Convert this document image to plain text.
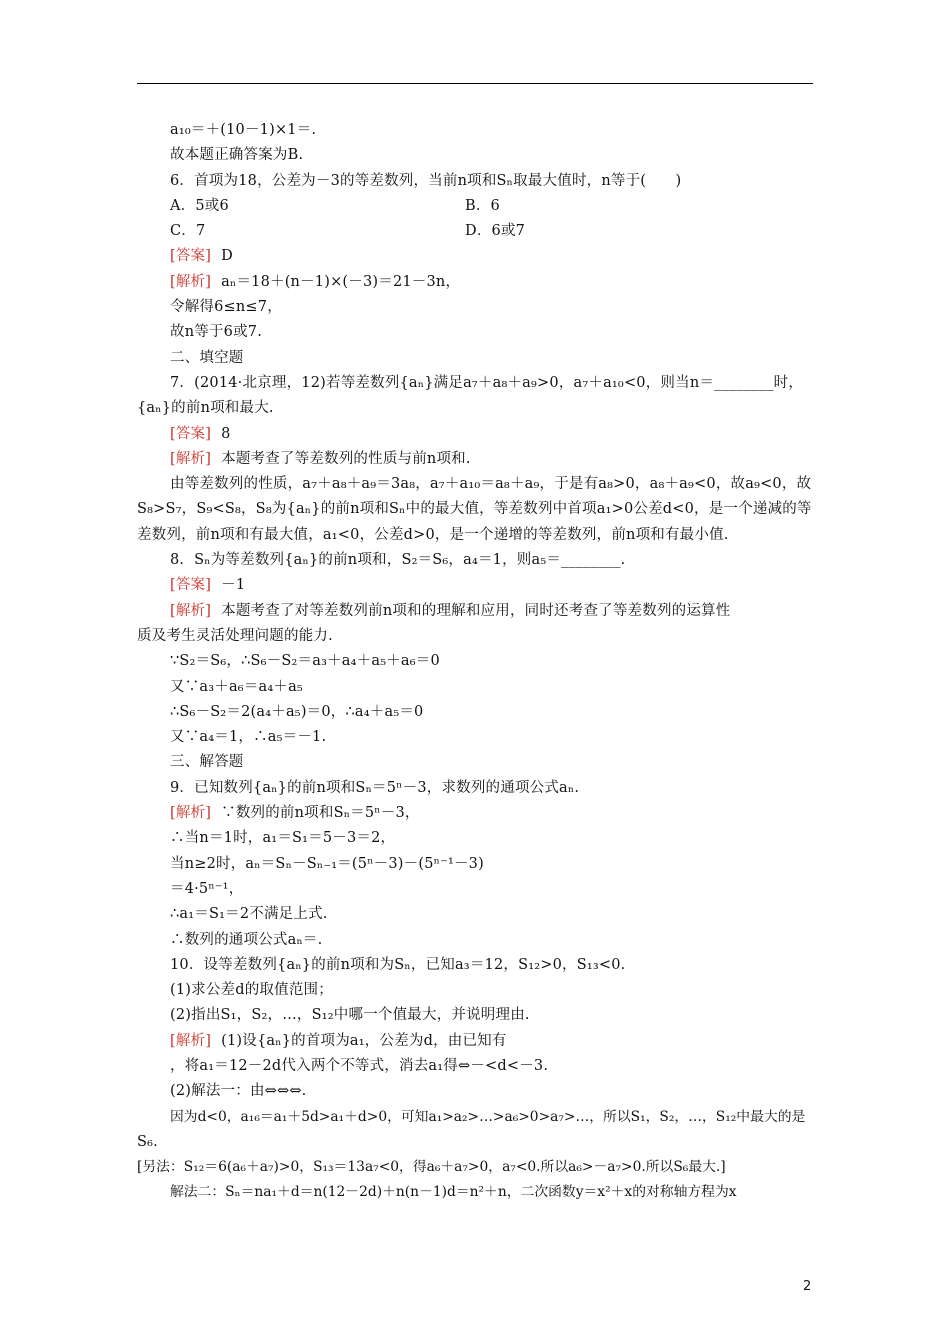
a₁₀＝＋(10－1)×1＝.
故本题正确答案为B.
6．首项为18，公差为－3的等差数列，当前n项和Sₙ取最大值时，n等于(　　)
A．5或6	B．6
C．7	D．6或7
[答案] D
[解析] aₙ＝18＋(n－1)×(－3)＝21－3n，
令解得6≤n≤7，
故n等于6或7.
二、填空题
7．(2014·北京理，12)若等差数列{aₙ}满足a₇＋a₈＋a₉>0，a₇＋a₁₀<0，则当n＝________时，
{aₙ}的前n项和最大.
[答案] 8
[解析] 本题考查了等差数列的性质与前n项和.
由等差数列的性质，a₇＋a₈＋a₉＝3a₈，a₇＋a₁₀＝a₈＋a₉，于是有a₈>0，a₈＋a₉<0，故a₉<0，故S₈>S₇，S₉<S₈，S₈为{aₙ}的前n项和Sₙ中的最大值，等差数列中首项a₁>0公差d<0，是一个递减的等差数列，前n项和有最大值，a₁<0，公差d>0，是一个递增的等差数列，前n项和有最小值.
8．Sₙ为等差数列{aₙ}的前n项和，S₂＝S₆，a₄＝1，则a₅＝________.
[答案] －1
[解析] 本题考查了对等差数列前n项和的理解和应用，同时还考查了等差数列的运算性
质及考生灵活处理问题的能力.
∵S₂＝S₆，∴S₆－S₂＝a₃＋a₄＋a₅＋a₆＝0
又∵a₃＋a₆＝a₄＋a₅
∴S₆－S₂＝2(a₄＋a₅)＝0，∴a₄＋a₅＝0
又∵a₄＝1，∴a₅＝－1.
三、解答题
9．已知数列{aₙ}的前n项和Sₙ＝5ⁿ－3，求数列的通项公式aₙ.
[解析] ∵数列的前n项和Sₙ＝5ⁿ－3，
∴当n＝1时，a₁＝S₁＝5－3＝2，
当n≥2时，aₙ＝Sₙ－Sₙ₋₁＝(5ⁿ－3)－(5ⁿ⁻¹－3)
＝4·5ⁿ⁻¹，
∴a₁＝S₁＝2不满足上式.
∴数列的通项公式aₙ＝.
10．设等差数列{aₙ}的前n项和为Sₙ，已知a₃＝12，S₁₂>0，S₁₃<0.
(1)求公差d的取值范围；
(2)指出S₁，S₂，…，S₁₂中哪一个值最大，并说明理由.
[解析] (1)设{aₙ}的首项为a₁，公差为d，由已知有
，将a₁＝12－2d代入两个不等式，消去a₁得⇔－<d<－3.
(2)解法一：由⇔⇔⇔.
因为d<0，a₁₆＝a₁＋5d>a₁＋d>0，可知a₁>a₂>…>a₆>0>a₇>…，所以S₁，S₂，…，S₁₂中最大的是
S₆.
[另法：S₁₂＝6(a₆＋a₇)>0，S₁₃＝13a₇<0，得a₆＋a₇>0，a₇<0.所以a₆>－a₇>0.所以S₆最大.]
解法二：Sₙ＝na₁＋d＝n(12－2d)＋n(n－1)d＝n²＋n，二次函数y＝x²＋x的对称轴方程为x
2
